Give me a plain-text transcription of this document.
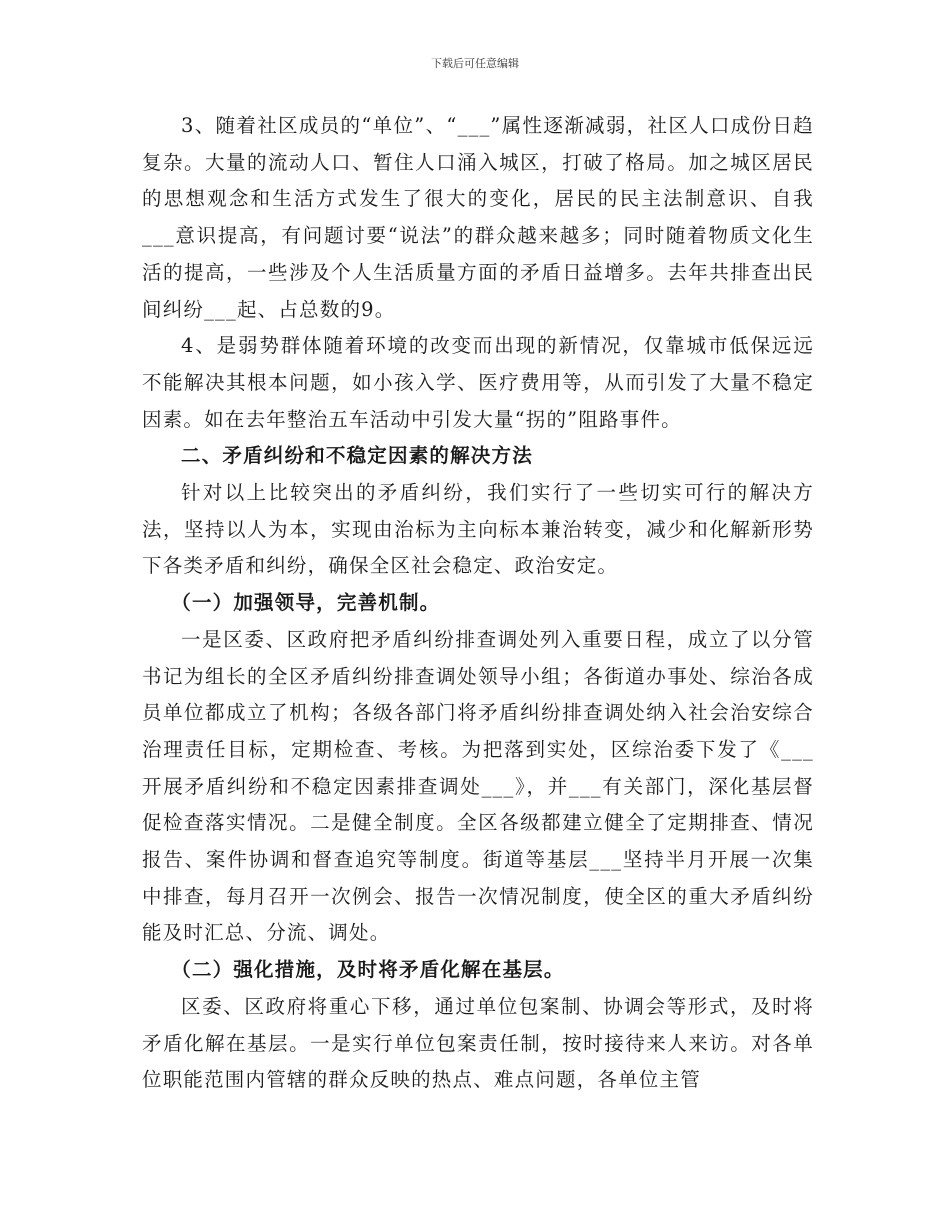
下载后可任意编辑

3、随着社区成员的“单位”、“___”属性逐渐减弱，社区人口成份日趋复杂。大量的流动人口、暂住人口涌入城区，打破了格局。加之城区居民的思想观念和生活方式发生了很大的变化，居民的民主法制意识、自我___意识提高，有问题讨要“说法”的群众越来越多；同时随着物质文化生活的提高，一些涉及个人生活质量方面的矛盾日益增多。去年共排查出民间纠纷___起、占总数的9。

4、是弱势群体随着环境的改变而出现的新情况，仅靠城市低保远远不能解决其根本问题，如小孩入学、医疗费用等，从而引发了大量不稳定因素。如在去年整治五车活动中引发大量“拐的”阻路事件。

二、矛盾纠纷和不稳定因素的解决方法

针对以上比较突出的矛盾纠纷，我们实行了一些切实可行的解决方法，坚持以人为本，实现由治标为主向标本兼治转变，减少和化解新形势下各类矛盾和纠纷，确保全区社会稳定、政治安定。

（一）加强领导，完善机制。

一是区委、区政府把矛盾纠纷排查调处列入重要日程，成立了以分管书记为组长的全区矛盾纠纷排查调处领导小组；各街道办事处、综治各成员单位都成立了机构；各级各部门将矛盾纠纷排查调处纳入社会治安综合治理责任目标，定期检查、考核。为把落到实处，区综治委下发了《___开展矛盾纠纷和不稳定因素排查调处___》，并___有关部门，深化基层督促检查落实情况。二是健全制度。全区各级都建立健全了定期排查、情况报告、案件协调和督查追究等制度。街道等基层___坚持半月开展一次集中排查，每月召开一次例会、报告一次情况制度，使全区的重大矛盾纠纷能及时汇总、分流、调处。

（二）强化措施，及时将矛盾化解在基层。

区委、区政府将重心下移，通过单位包案制、协调会等形式，及时将矛盾化解在基层。一是实行单位包案责任制，按时接待来人来访。对各单位职能范围内管辖的群众反映的热点、难点问题，各单位主管
